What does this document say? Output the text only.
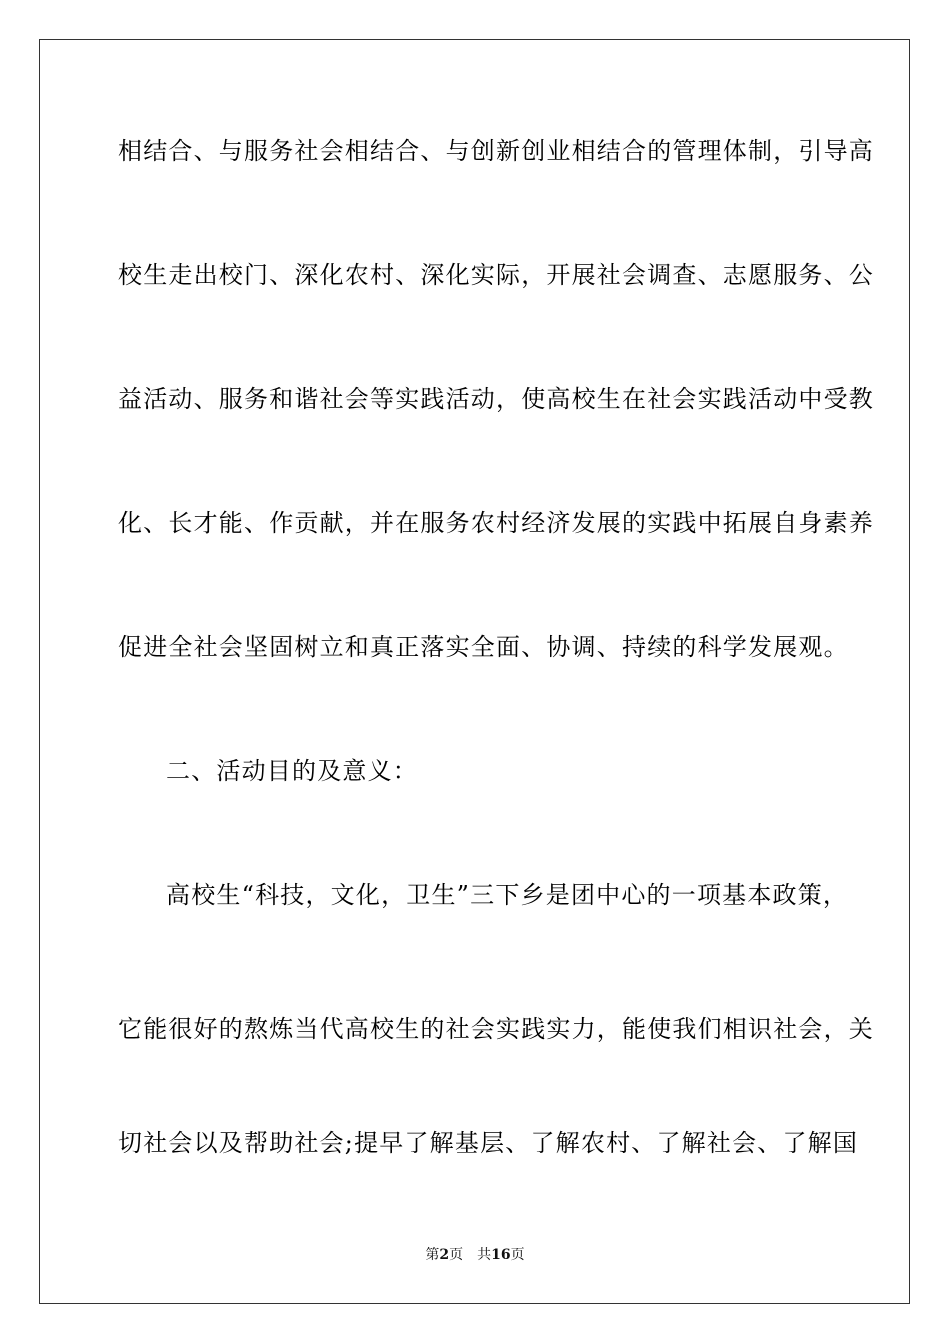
相结合、与服务社会相结合、与创新创业相结合的管理体制，引导高
校生走出校门、深化农村、深化实际，开展社会调查、志愿服务、公
益活动、服务和谐社会等实践活动，使高校生在社会实践活动中受教
化、长才能、作贡献，并在服务农村经济发展的实践中拓展自身素养
促进全社会坚固树立和真正落实全面、协调、持续的科学发展观。
二、活动目的及意义：
高校生“科技，文化，卫生”三下乡是团中心的一项基本政策，
它能很好的熬炼当代高校生的社会实践实力，能使我们相识社会，关
切社会以及帮助社会;提早了解基层、了解农村、了解社会、了解国
第2页 共16页
